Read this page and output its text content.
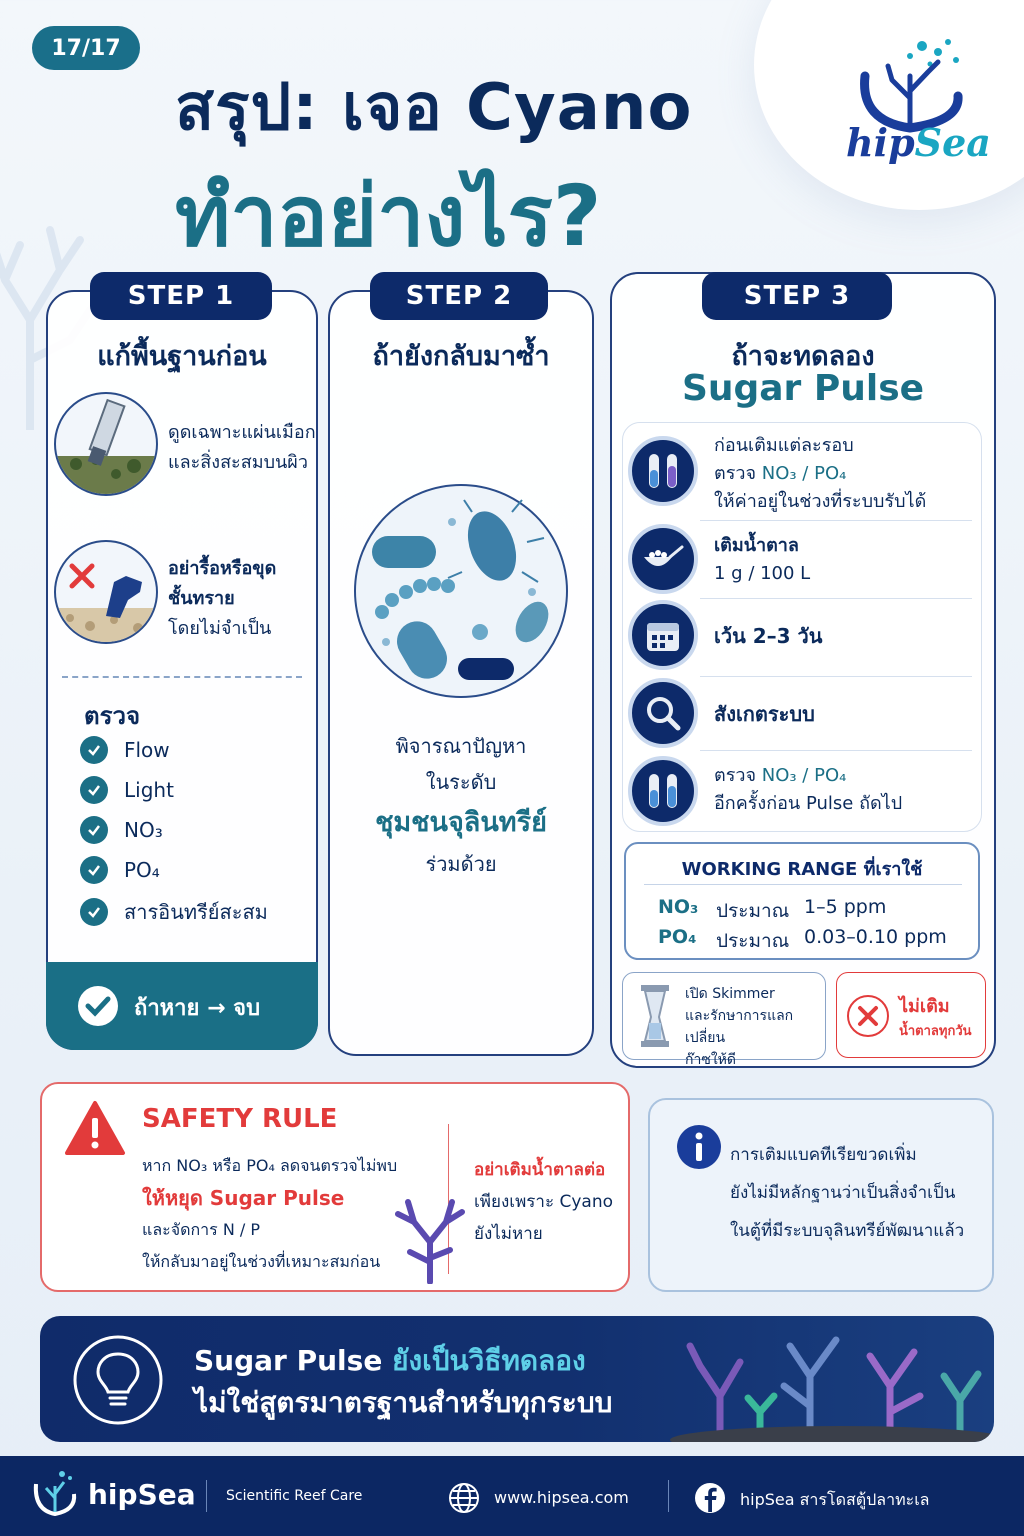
17/17
สรุป: เจอ Cyano
ทำอย่างไร?
hipSea
STEP 1
แก้พื้นฐานก่อน
ดูดเฉพาะแผ่นเมือก
และสิ่งสะสมบนผิว
อย่ารื้อหรือขุด
ชั้นทราย
โดยไม่จำเป็น
ตรวจ
Flow
Light
NO₃
PO₄
สารอินทรีย์สะสม
ถ้าหาย → จบ
STEP 2
ถ้ายังกลับมาซ้ำ
พิจารณาปัญหา
ในระดับ
ชุมชนจุลินทรีย์
ร่วมด้วย
STEP 3
ถ้าจะทดลอง
Sugar Pulse
ก่อนเติมแต่ละรอบ
ตรวจ NO₃ / PO₄
ให้ค่าอยู่ในช่วงที่ระบบรับได้
เติมน้ำตาล
1 g / 100 L
เว้น 2–3 วัน
สังเกตระบบ
ตรวจ NO₃ / PO₄
อีกครั้งก่อน Pulse ถัดไป
WORKING RANGE ที่เราใช้
NO₃ ประมาณ 1–5 ppm
PO₄ ประมาณ 0.03–0.10 ppm
เปิด Skimmer
และรักษาการแลกเปลี่ยน
ก๊าซให้ดี
ไม่เติม
น้ำตาลทุกวัน
SAFETY RULE
หาก NO₃ หรือ PO₄ ลดจนตรวจไม่พบ
ให้หยุด Sugar Pulse
และจัดการ N / P
ให้กลับมาอยู่ในช่วงที่เหมาะสมก่อน
อย่าเติมน้ำตาลต่อ
เพียงเพราะ Cyano
ยังไม่หาย
การเติมแบคทีเรียขวดเพิ่ม
ยังไม่มีหลักฐานว่าเป็นสิ่งจำเป็น
ในตู้ที่มีระบบจุลินทรีย์พัฒนาแล้ว
Sugar Pulse ยังเป็นวิธีทดลอง
ไม่ใช่สูตรมาตรฐานสำหรับทุกระบบ
hipSea Scientific Reef Care	www.hipsea.com	hipSea สารโดสตู้ปลาทะเล
